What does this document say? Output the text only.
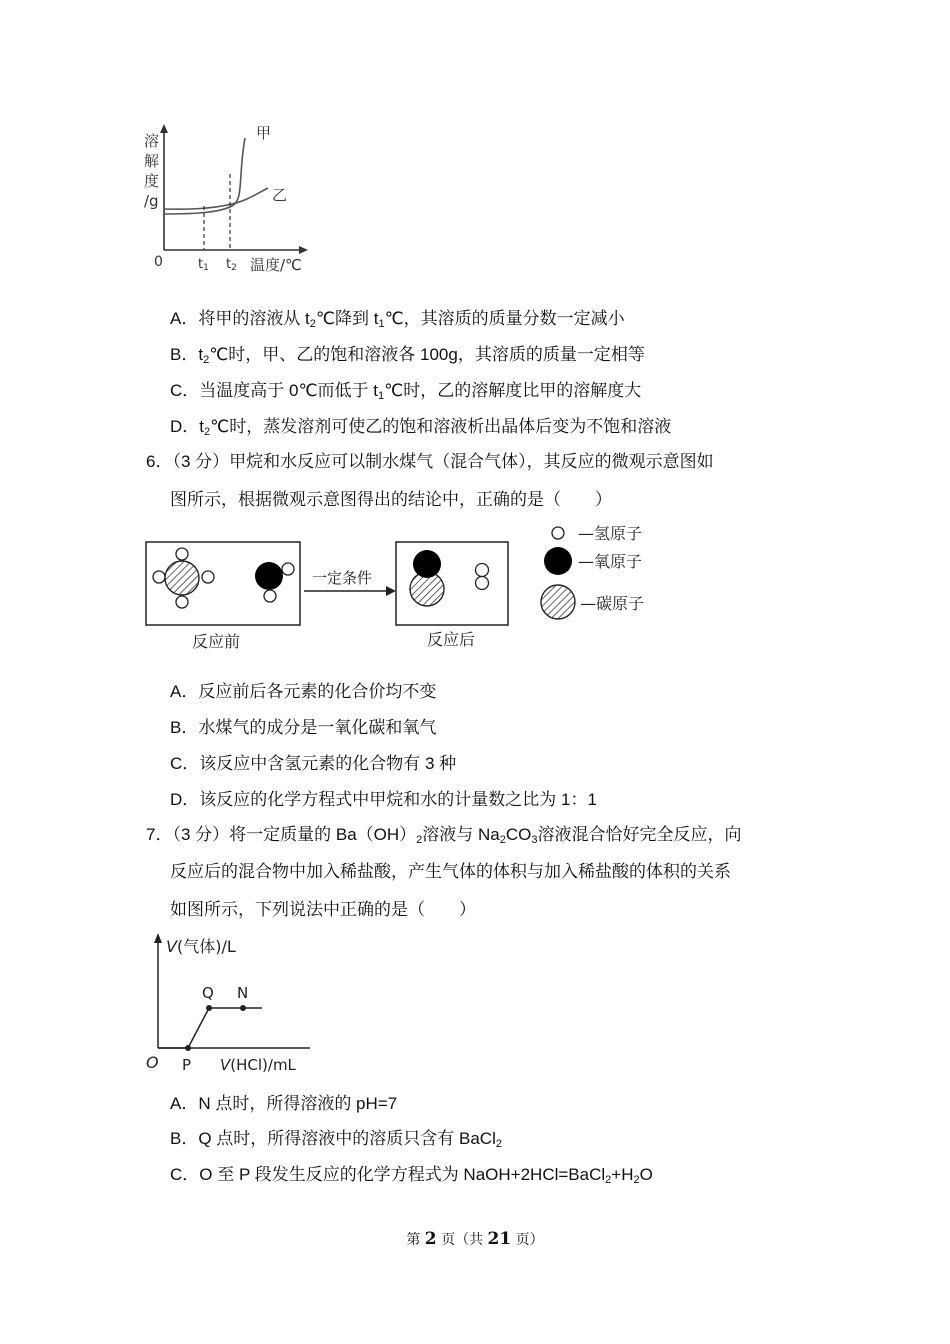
溶
解
度
/g
0	t1 t2 温度/℃
甲
乙
A．将甲的溶液从 $t_2℃$降到 $t_1℃$，其溶质的质量分数一定减小
B．$t_2℃$时，甲、乙的饱和溶液各 100g，其溶质的质量一定相等
C．当温度高于 0℃而低于 $t_1℃$时，乙的溶解度比甲的溶解度大
D．$t_2℃$时，蒸发溶剂可使乙的饱和溶液析出晶体后变为不饱和溶液
6．（3 分）甲烷和水反应可以制水煤气（混合气体），其反应的微观示意图如
图所示，根据微观示意图得出的结论中，正确的是（　　）
一定条件
反应前	反应后
—氢原子
—氧原子
—碳原子
A．反应前后各元素的化合价均不变
B．水煤气的成分是一氧化碳和氧气
C．该反应中含氢元素的化合物有 3 种
D．该反应的化学方程式中甲烷和水的计量数之比为 1：1
7．（3 分）将一定质量的 $Ba(OH)_2$溶液与 $Na_2CO_3$溶液混合恰好完全反应，向
反应后的混合物中加入稀盐酸，产生气体的体积与加入稀盐酸的体积的关系
如图所示，下列说法中正确的是（　　）
V(气体)/L
O P
Q N
V(HCl)/mL
A．N 点时，所得溶液的 pH=7
B．Q 点时，所得溶液中的溶质只含有 BaCl$_2$
C．O 至 P 段发生反应的化学方程式为 $NaOH+2HCl=BaCl_2+H_2O$
第 2 页（共 21 页）
